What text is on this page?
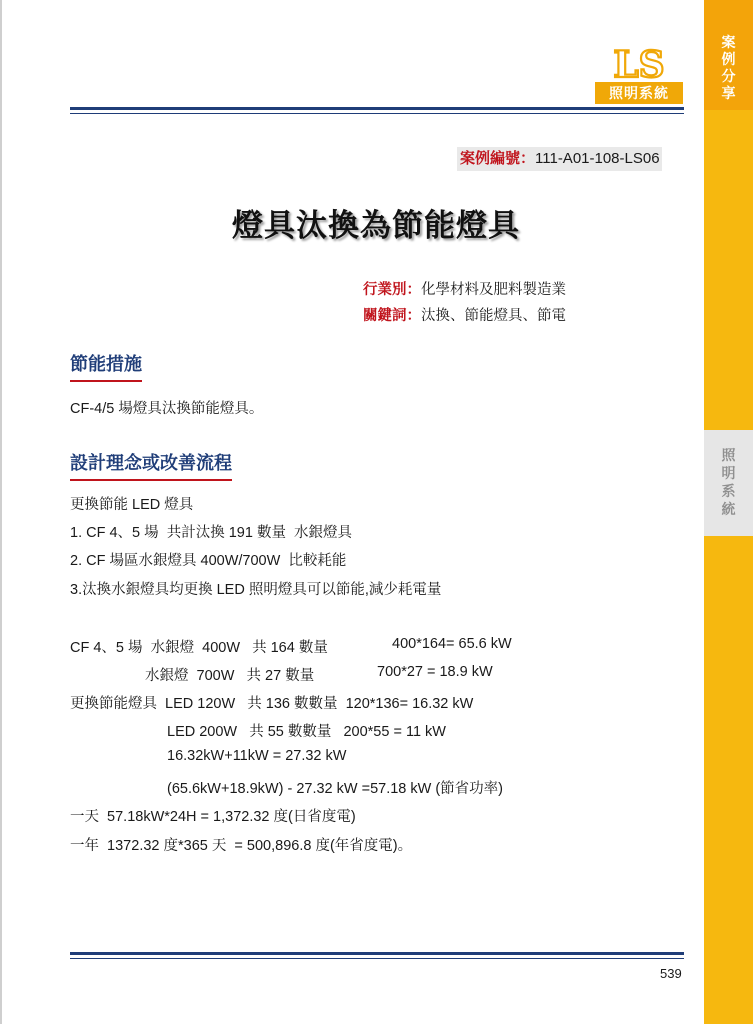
案
例
分
享
照
明
系
統
LS
照明系統
案例編號：111-A01-108-LS06
燈具汰換為節能燈具
行業別：化學材料及肥料製造業
關鍵詞：汰換、節能燈具、節電
節能措施
CF-4/5 場燈具汰換節能燈具。
設計理念或改善流程
更換節能 LED 燈具
1. CF 4、5 場  共計汰換 191 數量  水銀燈具
2. CF 場區水銀燈具 400W/700W  比較耗能
3.汰換水銀燈具均更換 LED 照明燈具可以節能,減少耗電量
CF 4、5 場  水銀燈  400W   共 164 數量	400*164= 65.6 kW
水銀燈  700W   共 27 數量	700*27 = 18.9 kW
更換節能燈具  LED 120W   共 136 數數量  120*136= 16.32 kW
LED 200W   共 55 數數量   200*55 = 11 kW
16.32kW+11kW = 27.32 kW
(65.6kW+18.9kW) - 27.32 kW =57.18 kW (節省功率)
一天  57.18kW*24H = 1,372.32 度(日省度電)
一年  1372.32 度*365 天  = 500,896.8 度(年省度電)。
539
